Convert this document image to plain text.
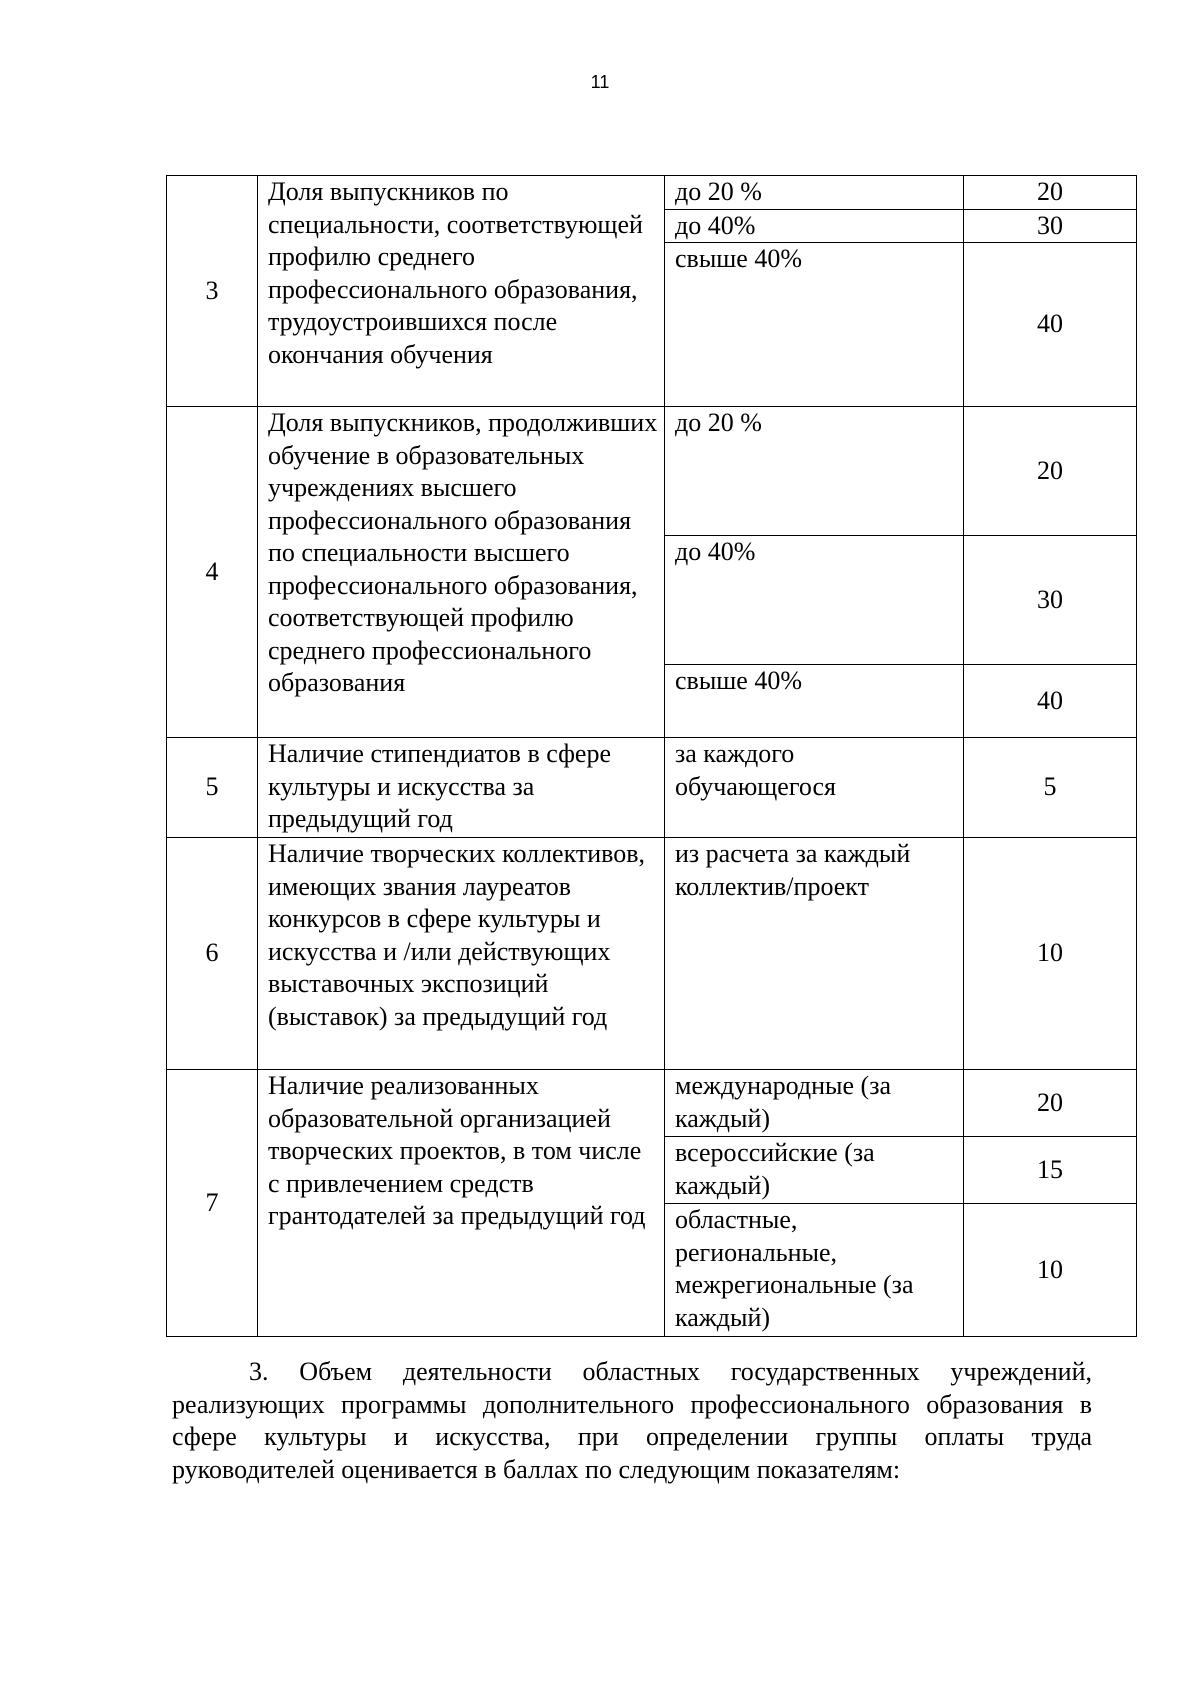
11
3	Доля выпускников по специальности, соответствующей профилю среднего профессионального образования, трудоустроившихся после окончания обучения	до 20 %	20
		до 40%	30
		свыше 40%	40
4	Доля выпускников, продолживших обучение в образовательных учреждениях высшего профессионального образования по специальности высшего профессионального образования, соответствующей профилю среднего профессионального образования	до 20 %	20
		до 40%	30
		свыше 40%	40
5	Наличие стипендиатов в сфере культуры и искусства за предыдущий год	за каждого обучающегося	5
6	Наличие творческих коллективов, имеющих звания лауреатов конкурсов в сфере культуры и искусства и /или действующих выставочных экспозиций (выставок) за предыдущий год	из расчета за каждый коллектив/проект	10
7	Наличие реализованных образовательной организацией творческих проектов, в том числе с привлечением средств грантодателей за предыдущий год	международные (за каждый)	20
		всероссийские (за каждый)	15
		областные, региональные, межрегиональные (за каждый)	10
3. Объем деятельности областных государственных учреждений, реализующих программы дополнительного профессионального образования в сфере культуры и искусства, при определении группы оплаты труда руководителей оценивается в баллах по следующим показателям:
